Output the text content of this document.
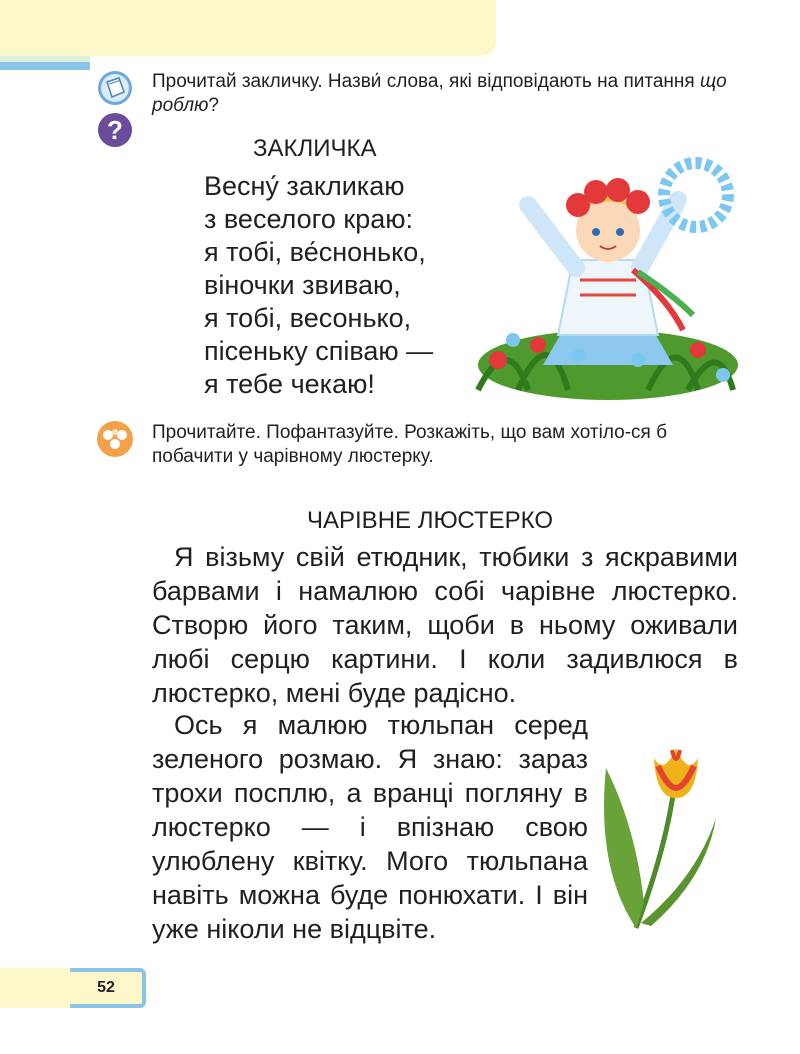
?

Прочитай закличку. Назви́ слова, які відповідають на питання що роблю?

ЗАКЛИЧКА
Весну́ закликаю
з веселого краю:
я тобі, ве́снонько,
віночки звиваю,
я тобі, весонько,
пісеньку співаю —
я тебе чекаю!

Прочитайте. Пофантазуйте. Розкажіть, що вам хотіло-ся б побачити у чарівному люстерку.

ЧАРІВНЕ ЛЮСТЕРКО

Я візьму свій етюдник, тюбики з яскравими барвами і намалюю собі чарівне люстерко. Створю його таким, щоби в ньому оживали любі серцю картини. І коли задивлюся в люстерко, мені буде радісно.

Ось я малюю тюльпан серед зеленого розмаю. Я знаю: зараз трохи посплю, а вранці поглянy в люстерко — і впізнаю свою улюблену квітку. Мого тюльпана навіть можна буде понюхати. І він уже ніколи не відцвіте.

52
